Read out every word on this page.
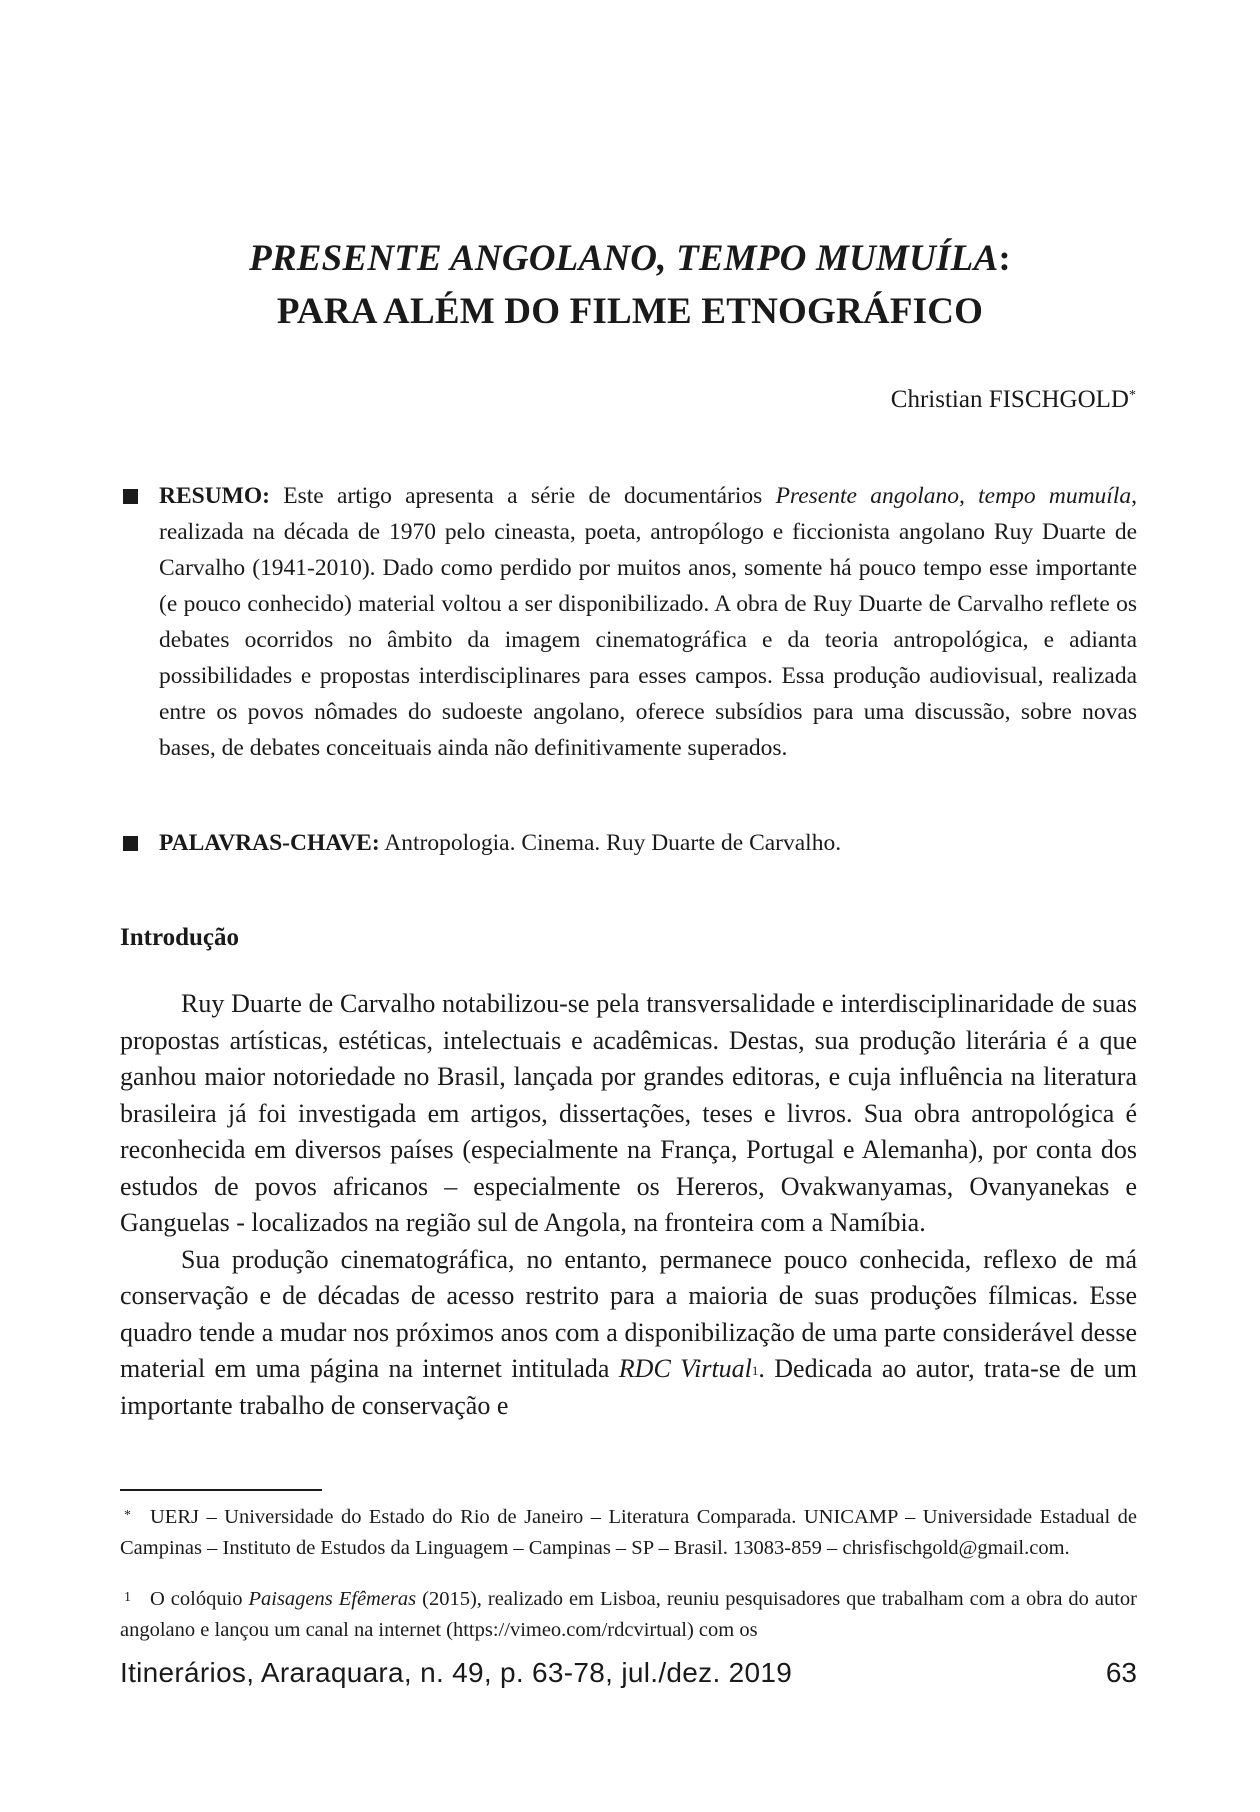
PRESENTE ANGOLANO, TEMPO MUMUÍLA:
PARA ALÉM DO FILME ETNOGRÁFICO
Christian FISCHGOLD*
RESUMO: Este artigo apresenta a série de documentários Presente angolano, tempo mumuíla, realizada na década de 1970 pelo cineasta, poeta, antropólogo e ficcionista angolano Ruy Duarte de Carvalho (1941-2010). Dado como perdido por muitos anos, somente há pouco tempo esse importante (e pouco conhecido) material voltou a ser disponibilizado. A obra de Ruy Duarte de Carvalho reflete os debates ocorridos no âmbito da imagem cinematográfica e da teoria antropológica, e adianta possibilidades e propostas interdisciplinares para esses campos. Essa produção audiovisual, realizada entre os povos nômades do sudoeste angolano, oferece subsídios para uma discussão, sobre novas bases, de debates conceituais ainda não definitivamente superados.
PALAVRAS-CHAVE: Antropologia. Cinema. Ruy Duarte de Carvalho.
Introdução

Ruy Duarte de Carvalho notabilizou-se pela transversalidade e interdisciplinaridade de suas propostas artísticas, estéticas, intelectuais e acadêmicas. Destas, sua produção literária é a que ganhou maior notoriedade no Brasil, lançada por grandes editoras, e cuja influência na literatura brasileira já foi investigada em artigos, dissertações, teses e livros. Sua obra antropológica é reconhecida em diversos países (especialmente na França, Portugal e Alemanha), por conta dos estudos de povos africanos – especialmente os Hereros, Ovakwanyamas, Ovanyanekas e Ganguelas - localizados na região sul de Angola, na fronteira com a Namíbia.

Sua produção cinematográfica, no entanto, permanece pouco conhecida, reflexo de má conservação e de décadas de acesso restrito para a maioria de suas produções fílmicas. Esse quadro tende a mudar nos próximos anos com a disponibilização de uma parte considerável desse material em uma página na internet intitulada RDC Virtual$^1$. Dedicada ao autor, trata-se de um importante trabalho de conservação e

* UERJ – Universidade do Estado do Rio de Janeiro – Literatura Comparada. UNICAMP – Universidade Estadual de Campinas – Instituto de Estudos da Linguagem – Campinas – SP – Brasil. 13083-859 – chrisfischgold@gmail.com.
1 O colóquio Paisagens Efêmeras (2015), realizado em Lisboa, reuniu pesquisadores que trabalham com a obra do autor angolano e lançou um canal na internet (https://vimeo.com/rdcvirtual) com os
Itinerários, Araraquara, n. 49, p. 63-78, jul./dez. 2019	63
